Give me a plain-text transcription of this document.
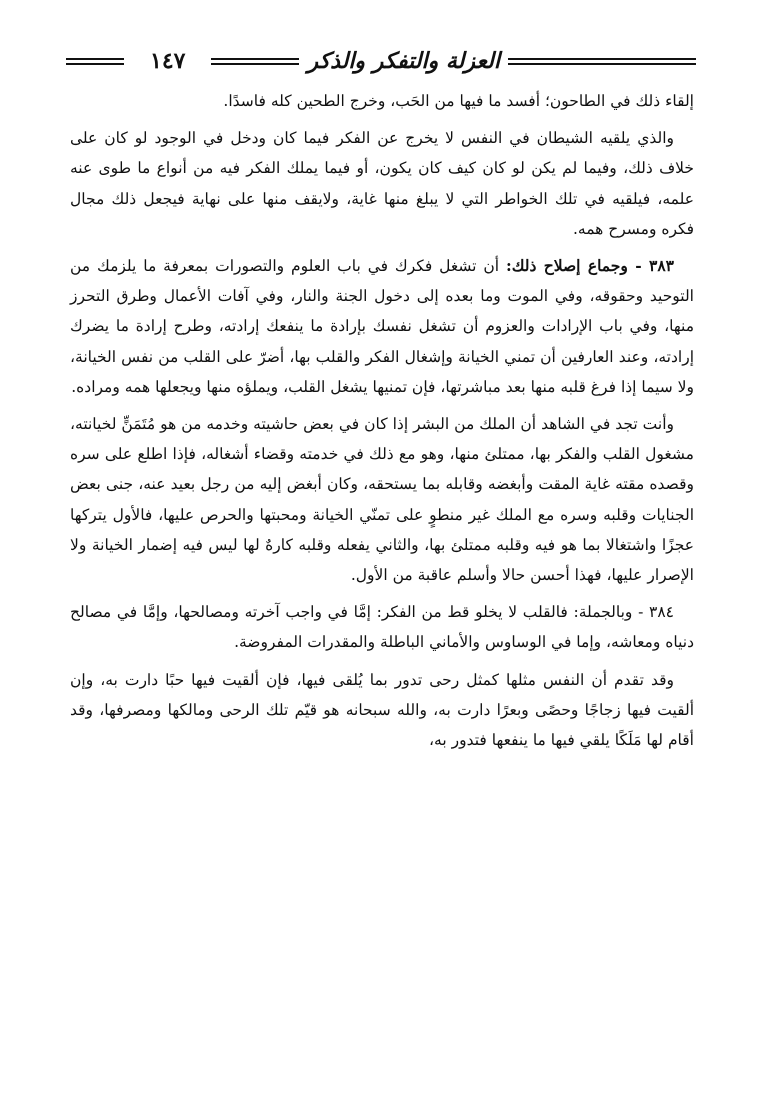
١٤٧	العزلة والتفكر والذكر

إلقاء ذلك في الطاحون؛ أفسد ما فيها من الحَب، وخرج الطحين كله فاسدًا.

والذي يلقيه الشيطان في النفس لا يخرج عن الفكر فيما كان ودخل في الوجود لو كان على خلاف ذلك، وفيما لم يكن لو كان كيف كان يكون، أو فيما يملك الفكر فيه من أنواع ما طوى عنه علمه، فيلقيه في تلك الخواطر التي لا يبلغ منها غاية، ولايقف منها على نهاية فيجعل ذلك مجال فكره ومسرح همه.

٣٨٣ - وجماع إصلاح ذلك: أن تشغل فكرك في باب العلوم والتصورات بمعرفة ما يلزمك من التوحيد وحقوقه، وفي الموت وما بعده إلى دخول الجنة والنار، وفي آفات الأعمال وطرق التحرز منها، وفي باب الإرادات والعزوم أن تشغل نفسك بإرادة ما ينفعك إرادته، وطرح إرادة ما يضرك إرادته، وعند العارفين أن تمني الخيانة وإشغال الفكر والقلب بها، أضرّ على القلب من نفس الخيانة، ولا سيما إذا فرغ قلبه منها بعد مباشرتها، فإن تمنيها يشغل القلب، ويملؤه منها ويجعلها همه ومراده.

وأنت تجد في الشاهد أن الملك من البشر إذا كان في بعض حاشيته وخدمه من هو مُتَمَنٍّ لخيانته، مشغول القلب والفكر بها، ممتلئ منها، وهو مع ذلك في خدمته وقضاء أشغاله، فإذا اطلع على سره وقصده مقته غاية المقت وأبغضه وقابله بما يستحقه، وكان أبغض إليه من رجل بعيد عنه، جنى بعض الجنايات وقلبه وسره مع الملك غير منطوٍ على تمنّي الخيانة ومحبتها والحرص عليها، فالأول يتركها عجزًا واشتغالا بما هو فيه وقلبه ممتلئ بها، والثاني يفعله وقلبه كارهٌ لها ليس فيه إضمار الخيانة ولا الإصرار عليها، فهذا أحسن حالا وأسلم عاقبة من الأول.

٣٨٤ - وبالجملة: فالقلب لا يخلو قط من الفكر: إمَّا في واجب آخرته ومصالحها، وإمَّا في مصالح دنياه ومعاشه، وإما في الوساوس والأماني الباطلة والمقدرات المفروضة.

وقد تقدم أن النفس مثلها كمثل رحى تدور بما يُلقى فيها، فإن ألقيت فيها حبًا دارت به، وإن ألقيت فيها زجاجًا وحصًى وبعرًا دارت به، والله سبحانه هو قيّم تلك الرحى ومالكها ومصرفها، وقد أقام لها مَلَكًا يلقي فيها ما ينفعها فتدور به،
